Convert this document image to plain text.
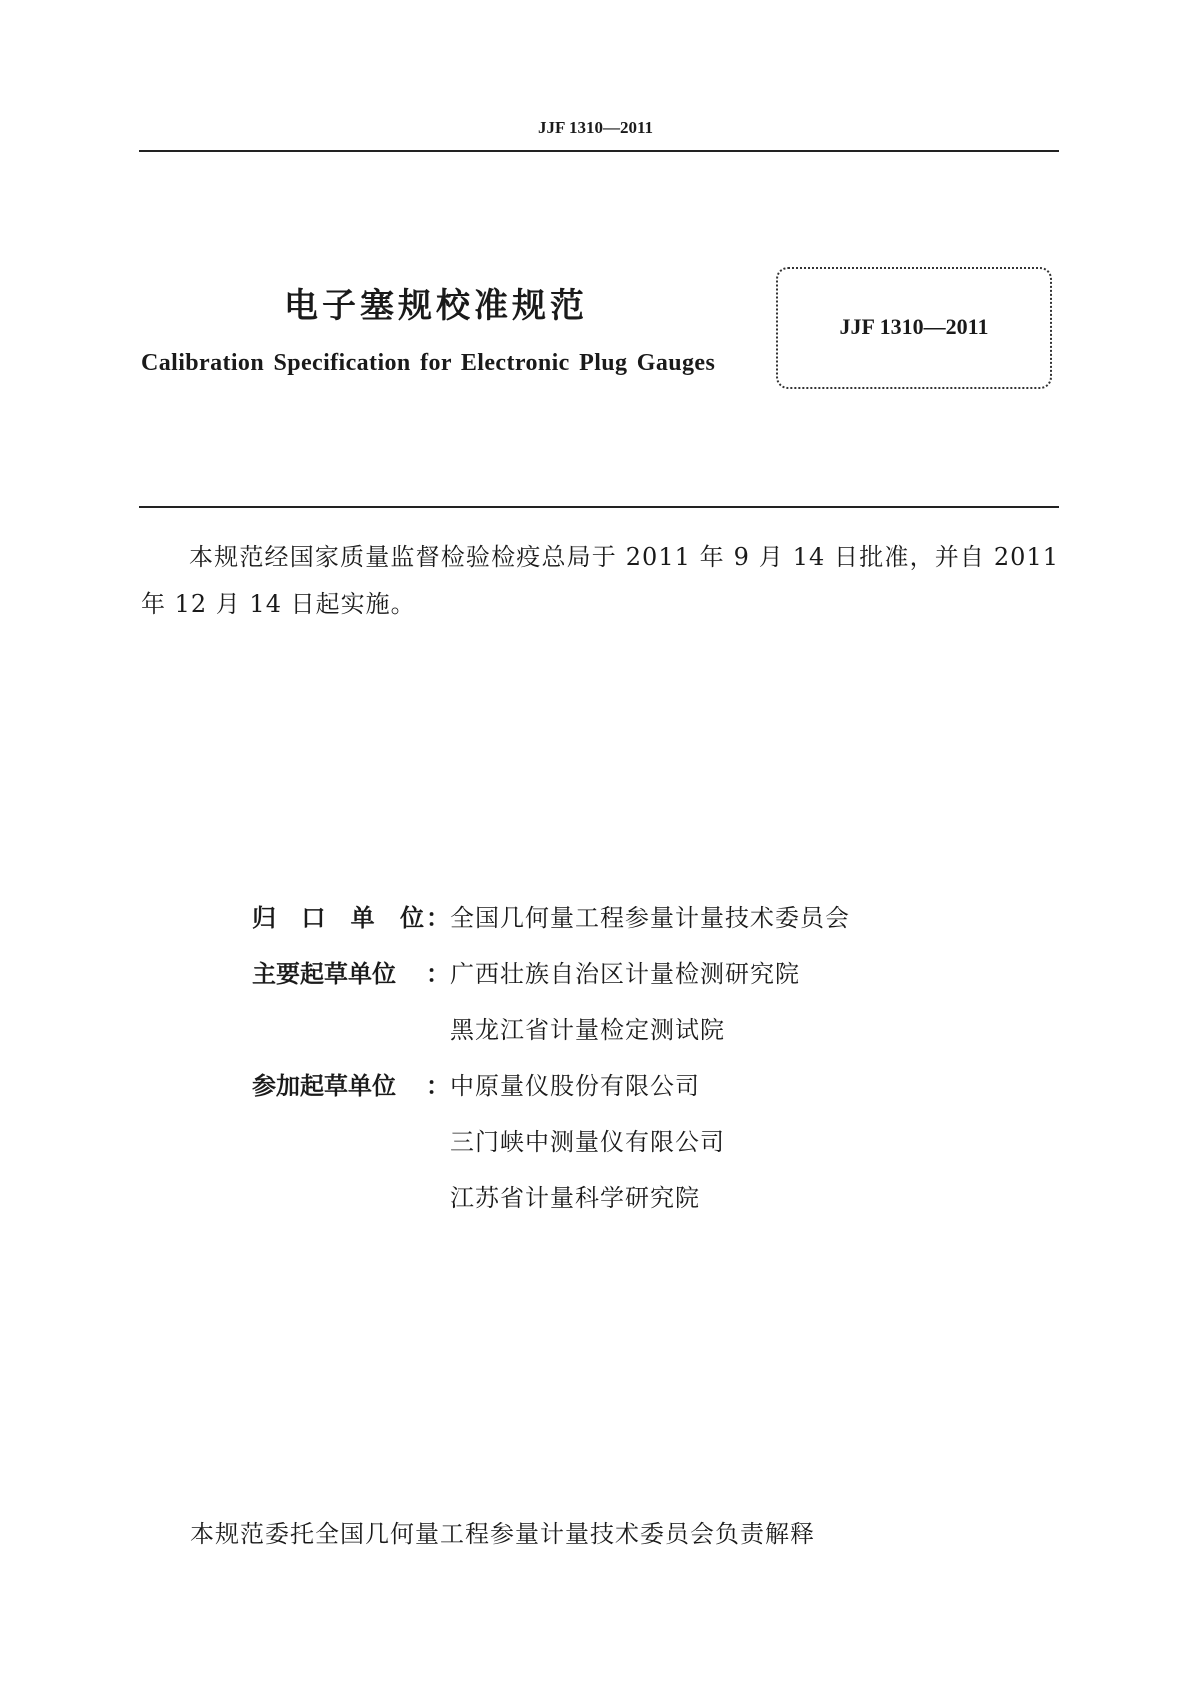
JJF 1310—2011
电子塞规校准规范
Calibration Specification for Electronic Plug Gauges
JJF 1310—2011
本规范经国家质量监督检验检疫总局于 2011 年 9 月 14 日批准，并自 2011 年 12 月 14 日起实施。
归 口 单 位 ： 全国几何量工程参量计量技术委员会
主要起草单位	： 广西壮族自治区计量检测研究院
黑龙江省计量检定测试院
参加起草单位	： 中原量仪股份有限公司
三门峡中测量仪有限公司
江苏省计量科学研究院
本规范委托全国几何量工程参量计量技术委员会负责解释
